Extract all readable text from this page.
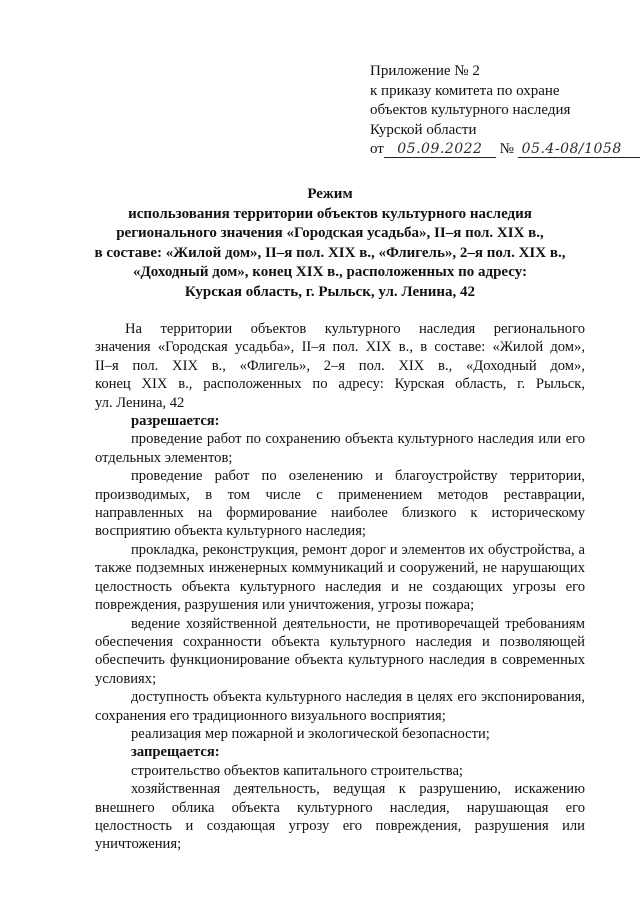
Приложение № 2
к приказу комитета по охране
объектов культурного наследия
Курской области
от 05.09.2022 № 05.4-08/1058
Режим
использования территории объектов культурного наследия
регионального значения «Городская усадьба», II–я пол. XIX в.,
в составе: «Жилой дом», II–я пол. XIX в., «Флигель», 2–я пол. XIX в.,
«Доходный дом», конец XIX в., расположенных по адресу:
Курская область, г. Рыльск, ул. Ленина, 42

На территории объектов культурного наследия регионального
значения «Городская усадьба», II–я пол. XIX в., в составе: «Жилой дом»,
II–я пол. XIX в., «Флигель», 2–я пол. XIX в., «Доходный дом»,
конец XIX в., расположенных по адресу: Курская область, г. Рыльск,
ул. Ленина, 42

разрешается:

проведение работ по сохранению объекта культурного наследия или его отдельных элементов;

проведение работ по озеленению и благоустройству территории, производимых, в том числе с применением методов реставрации, направленных на формирование наиболее близкого к историческому восприятию объекта культурного наследия;

прокладка, реконструкция, ремонт дорог и элементов их обустройства, а также подземных инженерных коммуникаций и сооружений, не нарушающих целостность объекта культурного наследия и не создающих угрозы его повреждения, разрушения или уничтожения, угрозы пожара;

ведение хозяйственной деятельности, не противоречащей требованиям обеспечения сохранности объекта культурного наследия и позволяющей обеспечить функционирование объекта культурного наследия в современных условиях;

доступность объекта культурного наследия в целях его экспонирования, сохранения его традиционного визуального восприятия;

реализация мер пожарной и экологической безопасности;

запрещается:

строительство объектов капитального строительства;

хозяйственная деятельность, ведущая к разрушению, искажению внешнего облика объекта культурного наследия, нарушающая его целостность и создающая угрозу его повреждения, разрушения или уничтожения;
